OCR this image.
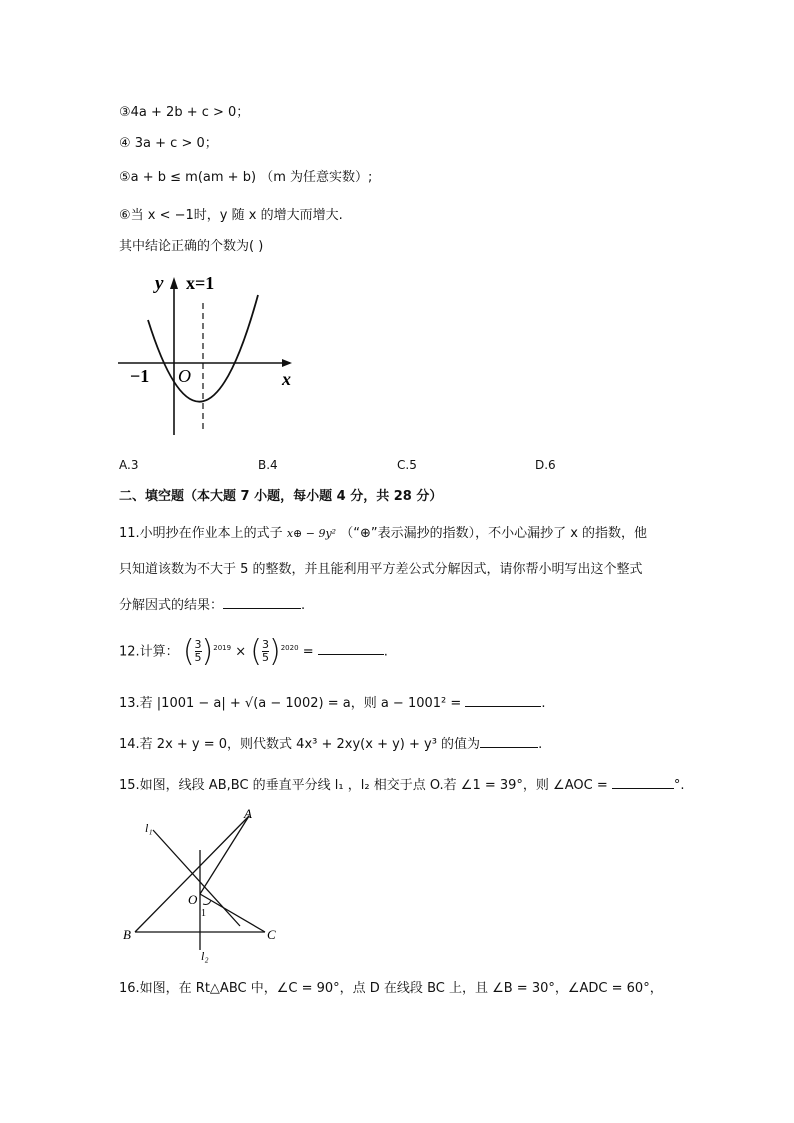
③4a + 2b + c > 0；
④ 3a + c > 0；
⑤a + b ≤ m(am + b) （m 为任意实数）;
⑥当 x < −1时，y 随 x 的增大而增大.
其中结论正确的个数为( )
y x=1
x
O
−1
A.3	B.4	C.5	D.6
二、填空题（本大题 7 小题，每小题 4 分，共 28 分）
11.小明抄在作业本上的式子 x⊕ − 9y² （“⊕”表示漏抄的指数），不小心漏抄了 x 的指数，他
只知道该数为不大于 5 的整数，并且能利用平方差公式分解因式，请你帮小明写出这个整式
分解因式的结果：	.
12.计算： $(\frac{3}{5} )^{2019} \times (\frac{3}{5} )^{2020}$ =	.
13.若 |1001 − a| + √(a − 1002) = a，则 a − 1001² =	.
14.若 2x + y = 0，则代数式 4x³ + 2xy(x + y) + y³ 的值为	.
15.如图，线段 AB,BC 的垂直平分线 l₁ ，l₂ 相交于点 O.若 ∠1 = 39°，则 ∠AOC =	°.
l₁
l₂
A
B	C
O
1
16.如图，在 Rt△ABC 中，∠C = 90°，点 D 在线段 BC 上，且 ∠B = 30°，∠ADC = 60°，
